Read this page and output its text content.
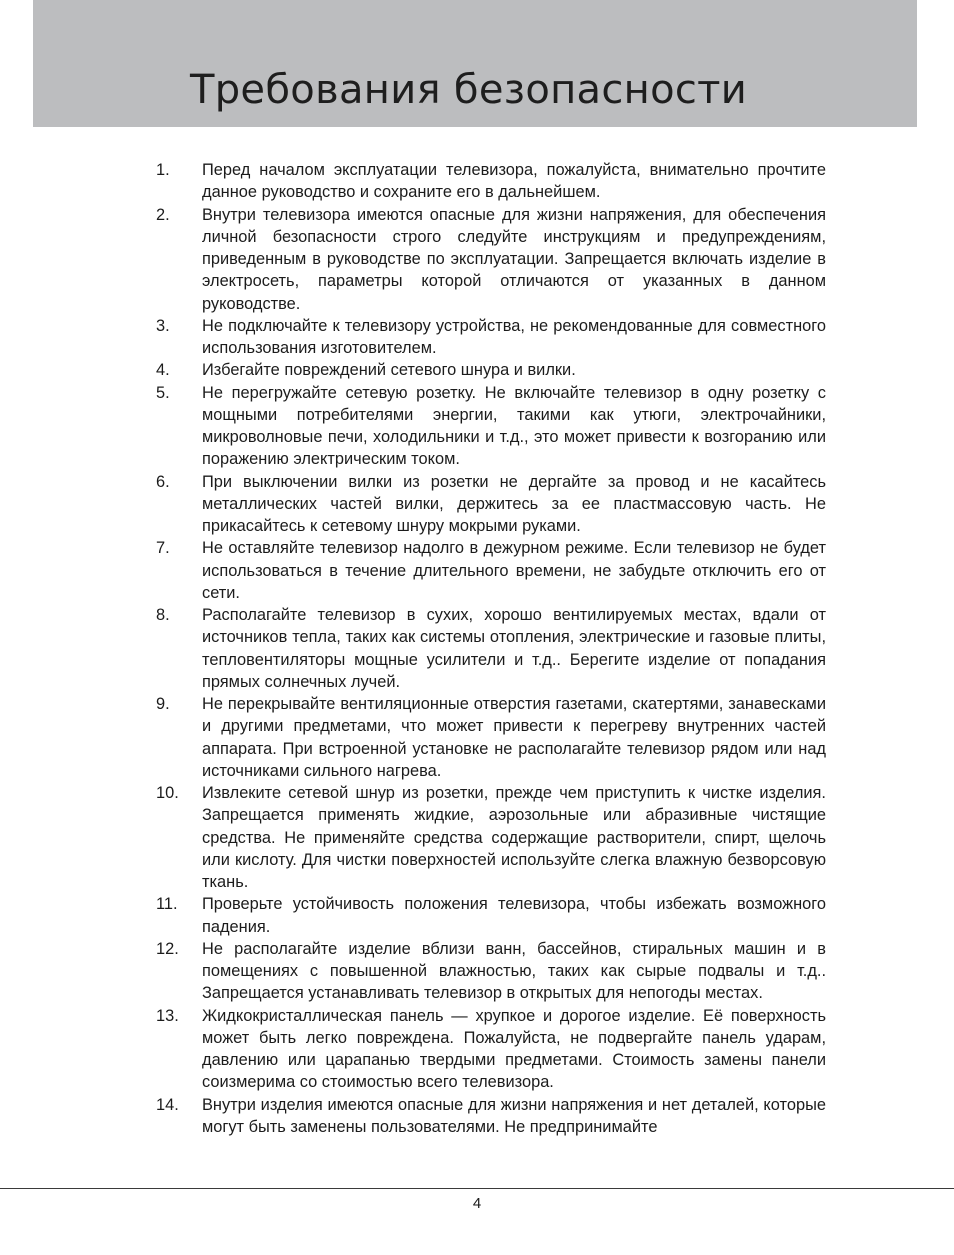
Требования безопасности
1. Перед началом эксплуатации телевизора, пожалуйста, внимательно прочтите данное руководство и сохраните его в дальнейшем.
2. Внутри телевизора имеются опасные для жизни напряжения, для обеспечения личной безопасности строго следуйте инструкциям и предупреждениям, приведенным в руководстве по эксплуатации. Запрещается включать изделие в электросеть, параметры которой отличаются от указанных в данном руководстве.
3. Не подключайте к телевизору устройства, не рекомендованные для совместного использования изготовителем.
4. Избегайте повреждений сетевого шнура и вилки.
5. Не перегружайте сетевую розетку. Не включайте телевизор в одну розетку с мощными потребителями энергии, такими как утюги, электрочайники, микроволновые печи, холодильники и т.д., это может привести к возгоранию или поражению электрическим током.
6. При выключении вилки из розетки не дергайте за провод и не касайтесь металлических частей вилки, держитесь за ее пластмассовую часть. Не прикасайтесь к сетевому шнуру мокрыми руками.
7. Не оставляйте телевизор надолго в дежурном режиме. Если телевизор не будет использоваться в течение длительного времени, не забудьте отключить его от сети.
8. Располагайте телевизор в сухих, хорошо вентилируемых местах, вдали от источников тепла, таких как системы отопления, электрические и газовые плиты, тепловентиляторы мощные усилители и т.д.. Берегите изделие от попадания прямых солнечных лучей.
9. Не перекрывайте вентиляционные отверстия газетами, скатертями, занавесками и другими предметами, что может привести к перегреву внутренних частей аппарата. При встроенной установке не располагайте телевизор рядом или над источниками сильного нагрева.
10. Извлеките сетевой шнур из розетки, прежде чем приступить к чистке изделия. Запрещается применять жидкие, аэрозольные или абразивные чистящие средства. Не применяйте средства содержащие растворители, спирт, щелочь или кислоту. Для чистки поверхностей используйте слегка влажную безворсовую ткань.
11. Проверьте устойчивость положения телевизора, чтобы избежать возможного падения.
12. Не располагайте изделие вблизи ванн, бассейнов, стиральных машин и в помещениях с повышенной влажностью, таких как сырые подвалы и т.д.. Запрещается устанавливать телевизор в открытых для непогоды местах.
13. Жидкокристаллическая панель — хрупкое и дорогое изделие. Её поверхность может быть легко повреждена. Пожалуйста, не подвергайте панель ударам, давлению или царапанью твердыми предметами. Стоимость замены панели соизмерима со стоимостью всего телевизора.
14. Внутри изделия имеются опасные для жизни напряжения и нет деталей, которые могут быть заменены пользователями. Не предпринимайте
4
